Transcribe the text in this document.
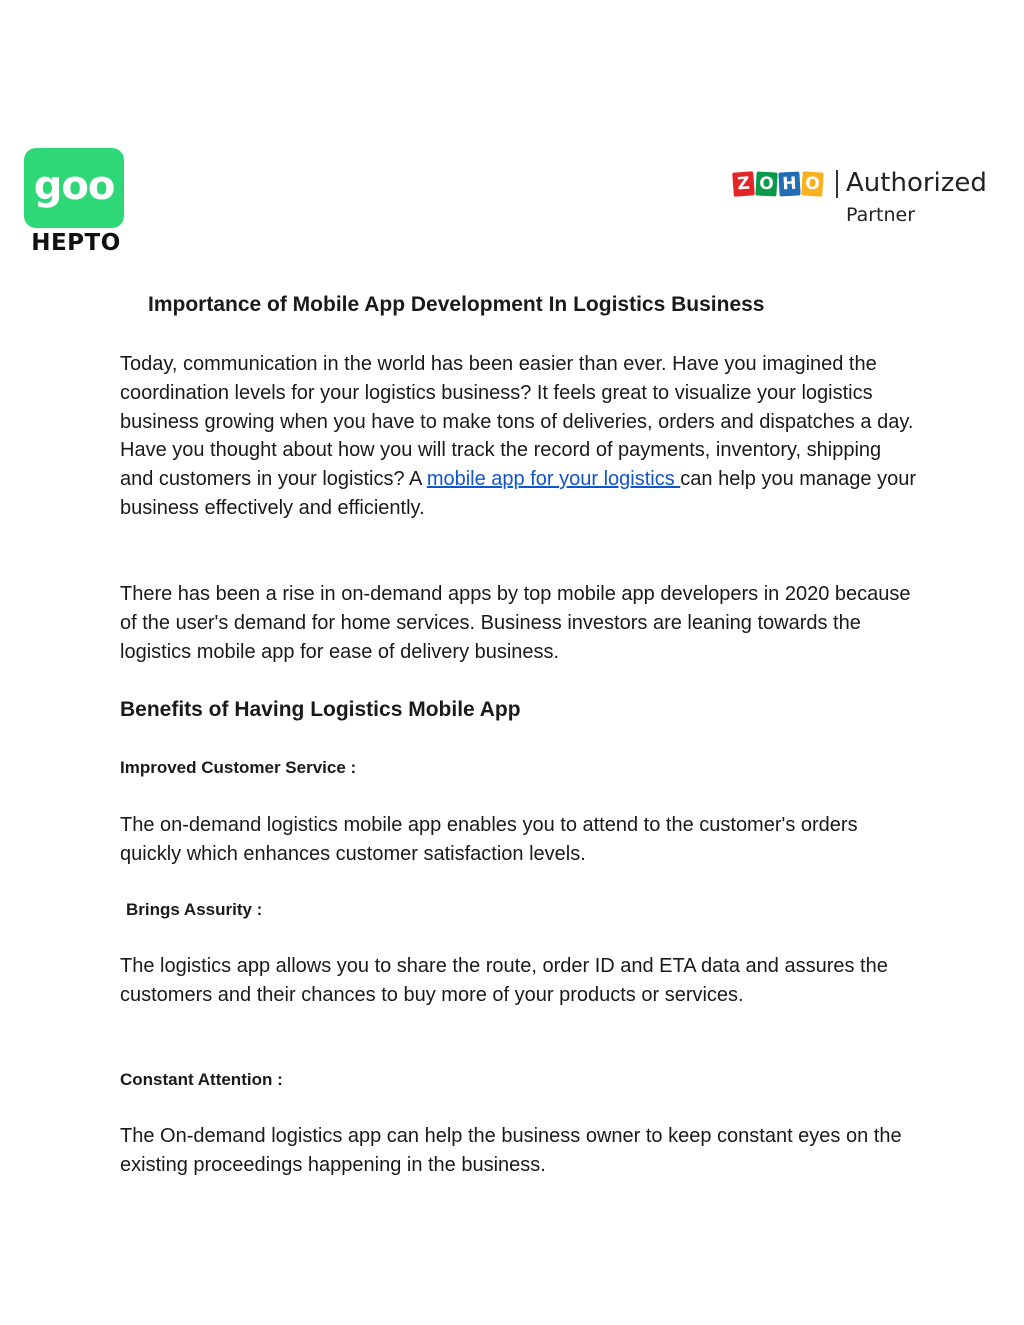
goo
HEPTO
Z O H O Authorized
Partner
Importance of Mobile App Development In Logistics Business

Today, communication in the world has been easier than ever. Have you imagined the coordination levels for your logistics business? It feels great to visualize your logistics business growing when you have to make tons of deliveries, orders and dispatches a day. Have you thought about how you will track the record of payments, inventory, shipping and customers in your logistics? A mobile app for your logistics can help you manage your business effectively and efficiently.

There has been a rise in on-demand apps by top mobile app developers in 2020 because of the user's demand for home services. Business investors are leaning towards the logistics mobile app for ease of delivery business.

Benefits of Having Logistics Mobile App
Improved Customer Service :

The on-demand logistics mobile app enables you to attend to the customer's orders quickly which enhances customer satisfaction levels.

Brings Assurity :

The logistics app allows you to share the route, order ID and ETA data and assures the customers and their chances to buy more of your products or services.

Constant Attention :

The On-demand logistics app can help the business owner to keep constant eyes on the existing proceedings happening in the business.
